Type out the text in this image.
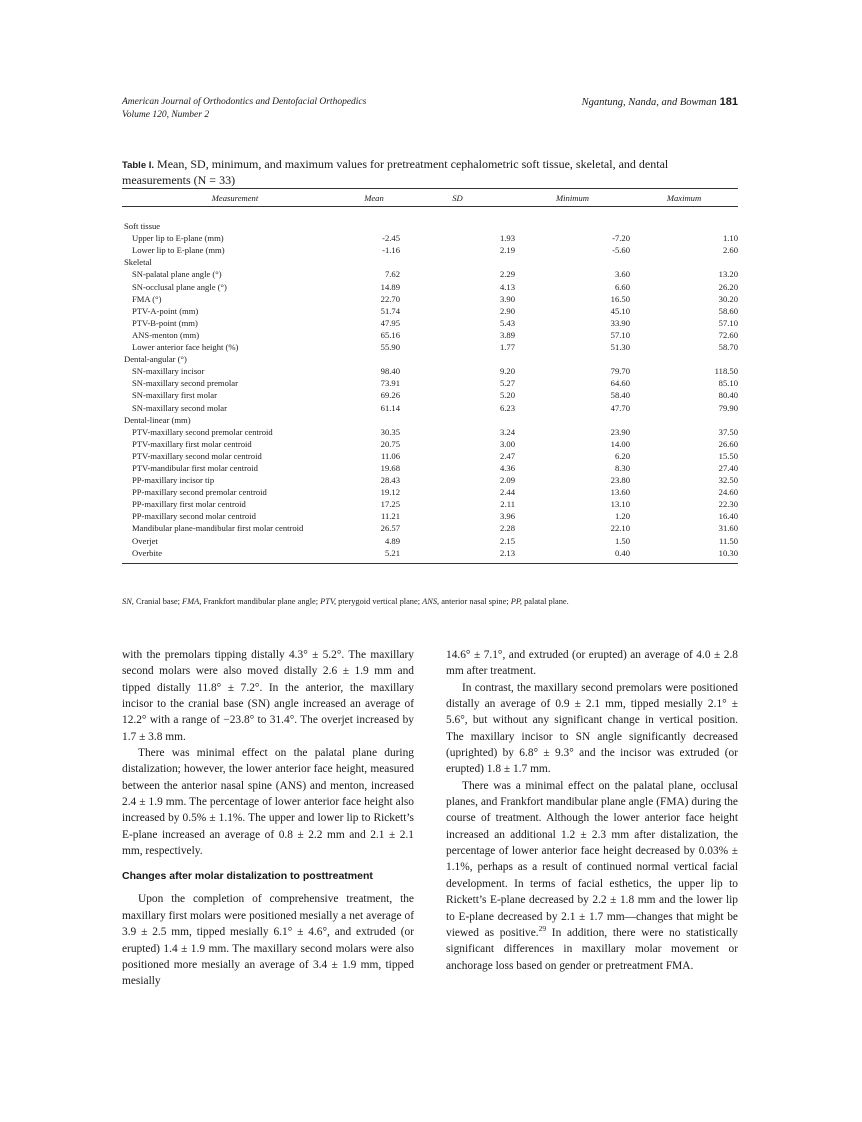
American Journal of Orthodontics and Dentofacial Orthopedics
Volume 120, Number 2
Ngantung, Nanda, and Bowman 181
Table I. Mean, SD, minimum, and maximum values for pretreatment cephalometric soft tissue, skeletal, and dental measurements (N = 33)
Measurement	Mean	SD	Minimum	Maximum
Soft tissue				
Upper lip to E-plane (mm)	-2.45	1.93	-7.20	1.10
Lower lip to E-plane (mm)	-1.16	2.19	-5.60	2.60
Skeletal				
SN-palatal plane angle (°)	7.62	2.29	3.60	13.20
SN-occlusal plane angle (°)	14.89	4.13	6.60	26.20
FMA (°)	22.70	3.90	16.50	30.20
PTV-A-point (mm)	51.74	2.90	45.10	58.60
PTV-B-point (mm)	47.95	5.43	33.90	57.10
ANS-menton (mm)	65.16	3.89	57.10	72.60
Lower anterior face height (%)	55.90	1.77	51.30	58.70
Dental-angular (°)				
SN-maxillary incisor	98.40	9.20	79.70	118.50
SN-maxillary second premolar	73.91	5.27	64.60	85.10
SN-maxillary first molar	69.26	5.20	58.40	80.40
SN-maxillary second molar	61.14	6.23	47.70	79.90
Dental-linear (mm)				
PTV-maxillary second premolar centroid	30.35	3.24	23.90	37.50
PTV-maxillary first molar centroid	20.75	3.00	14.00	26.60
PTV-maxillary second molar centroid	11.06	2.47	6.20	15.50
PTV-mandibular first molar centroid	19.68	4.36	8.30	27.40
PP-maxillary incisor tip	28.43	2.09	23.80	32.50
PP-maxillary second premolar centroid	19.12	2.44	13.60	24.60
PP-maxillary first molar centroid	17.25	2.11	13.10	22.30
PP-maxillary second molar centroid	11.21	3.96	1.20	16.40
Mandibular plane-mandibular first molar centroid	26.57	2.28	22.10	31.60
Overjet	4.89	2.15	1.50	11.50
Overbite	5.21	2.13	0.40	10.30
SN, Cranial base; FMA, Frankfort mandibular plane angle; PTV, pterygoid vertical plane; ANS, anterior nasal spine; PP, palatal plane.

with the premolars tipping distally 4.3° ± 5.2°. The maxillary second molars were also moved distally 2.6 ± 1.9 mm and tipped distally 11.8° ± 7.2°. In the anterior, the maxillary incisor to the cranial base (SN) angle increased an average of 12.2° with a range of −23.8° to 31.4°. The overjet increased by 1.7 ± 3.8 mm.

There was minimal effect on the palatal plane during distalization; however, the lower anterior face height, measured between the anterior nasal spine (ANS) and menton, increased 2.4 ± 1.9 mm. The percentage of lower anterior face height also increased by 0.5% ± 1.1%. The upper and lower lip to Rickett’s E-plane increased an average of 0.8 ± 2.2 mm and 2.1 ± 2.1 mm, respectively.

Changes after molar distalization to posttreatment

Upon the completion of comprehensive treatment, the maxillary first molars were positioned mesially a net average of 3.9 ± 2.5 mm, tipped mesially 6.1° ± 4.6°, and extruded (or erupted) 1.4 ± 1.9 mm. The maxillary second molars were also positioned more mesially an average of 3.4 ± 1.9 mm, tipped mesially

14.6° ± 7.1°, and extruded (or erupted) an average of 4.0 ± 2.8 mm after treatment.

In contrast, the maxillary second premolars were positioned distally an average of 0.9 ± 2.1 mm, tipped mesially 2.1° ± 5.6°, but without any significant change in vertical position. The maxillary incisor to SN angle significantly decreased (uprighted) by 6.8° ± 9.3° and the incisor was extruded (or erupted) 1.8 ± 1.7 mm.

There was a minimal effect on the palatal plane, occlusal planes, and Frankfort mandibular plane angle (FMA) during the course of treatment. Although the lower anterior face height increased an additional 1.2 ± 2.3 mm after distalization, the percentage of lower anterior face height decreased by 0.03% ± 1.1%, perhaps as a result of continued normal vertical facial development. In terms of facial esthetics, the upper lip to Rickett’s E-plane decreased by 2.2 ± 1.8 mm and the lower lip to E-plane decreased by 2.1 ± 1.7 mm—changes that might be viewed as positive.$^{29}$ In addition, there were no statistically significant differences in maxillary molar movement or anchorage loss based on gender or pretreatment FMA.
